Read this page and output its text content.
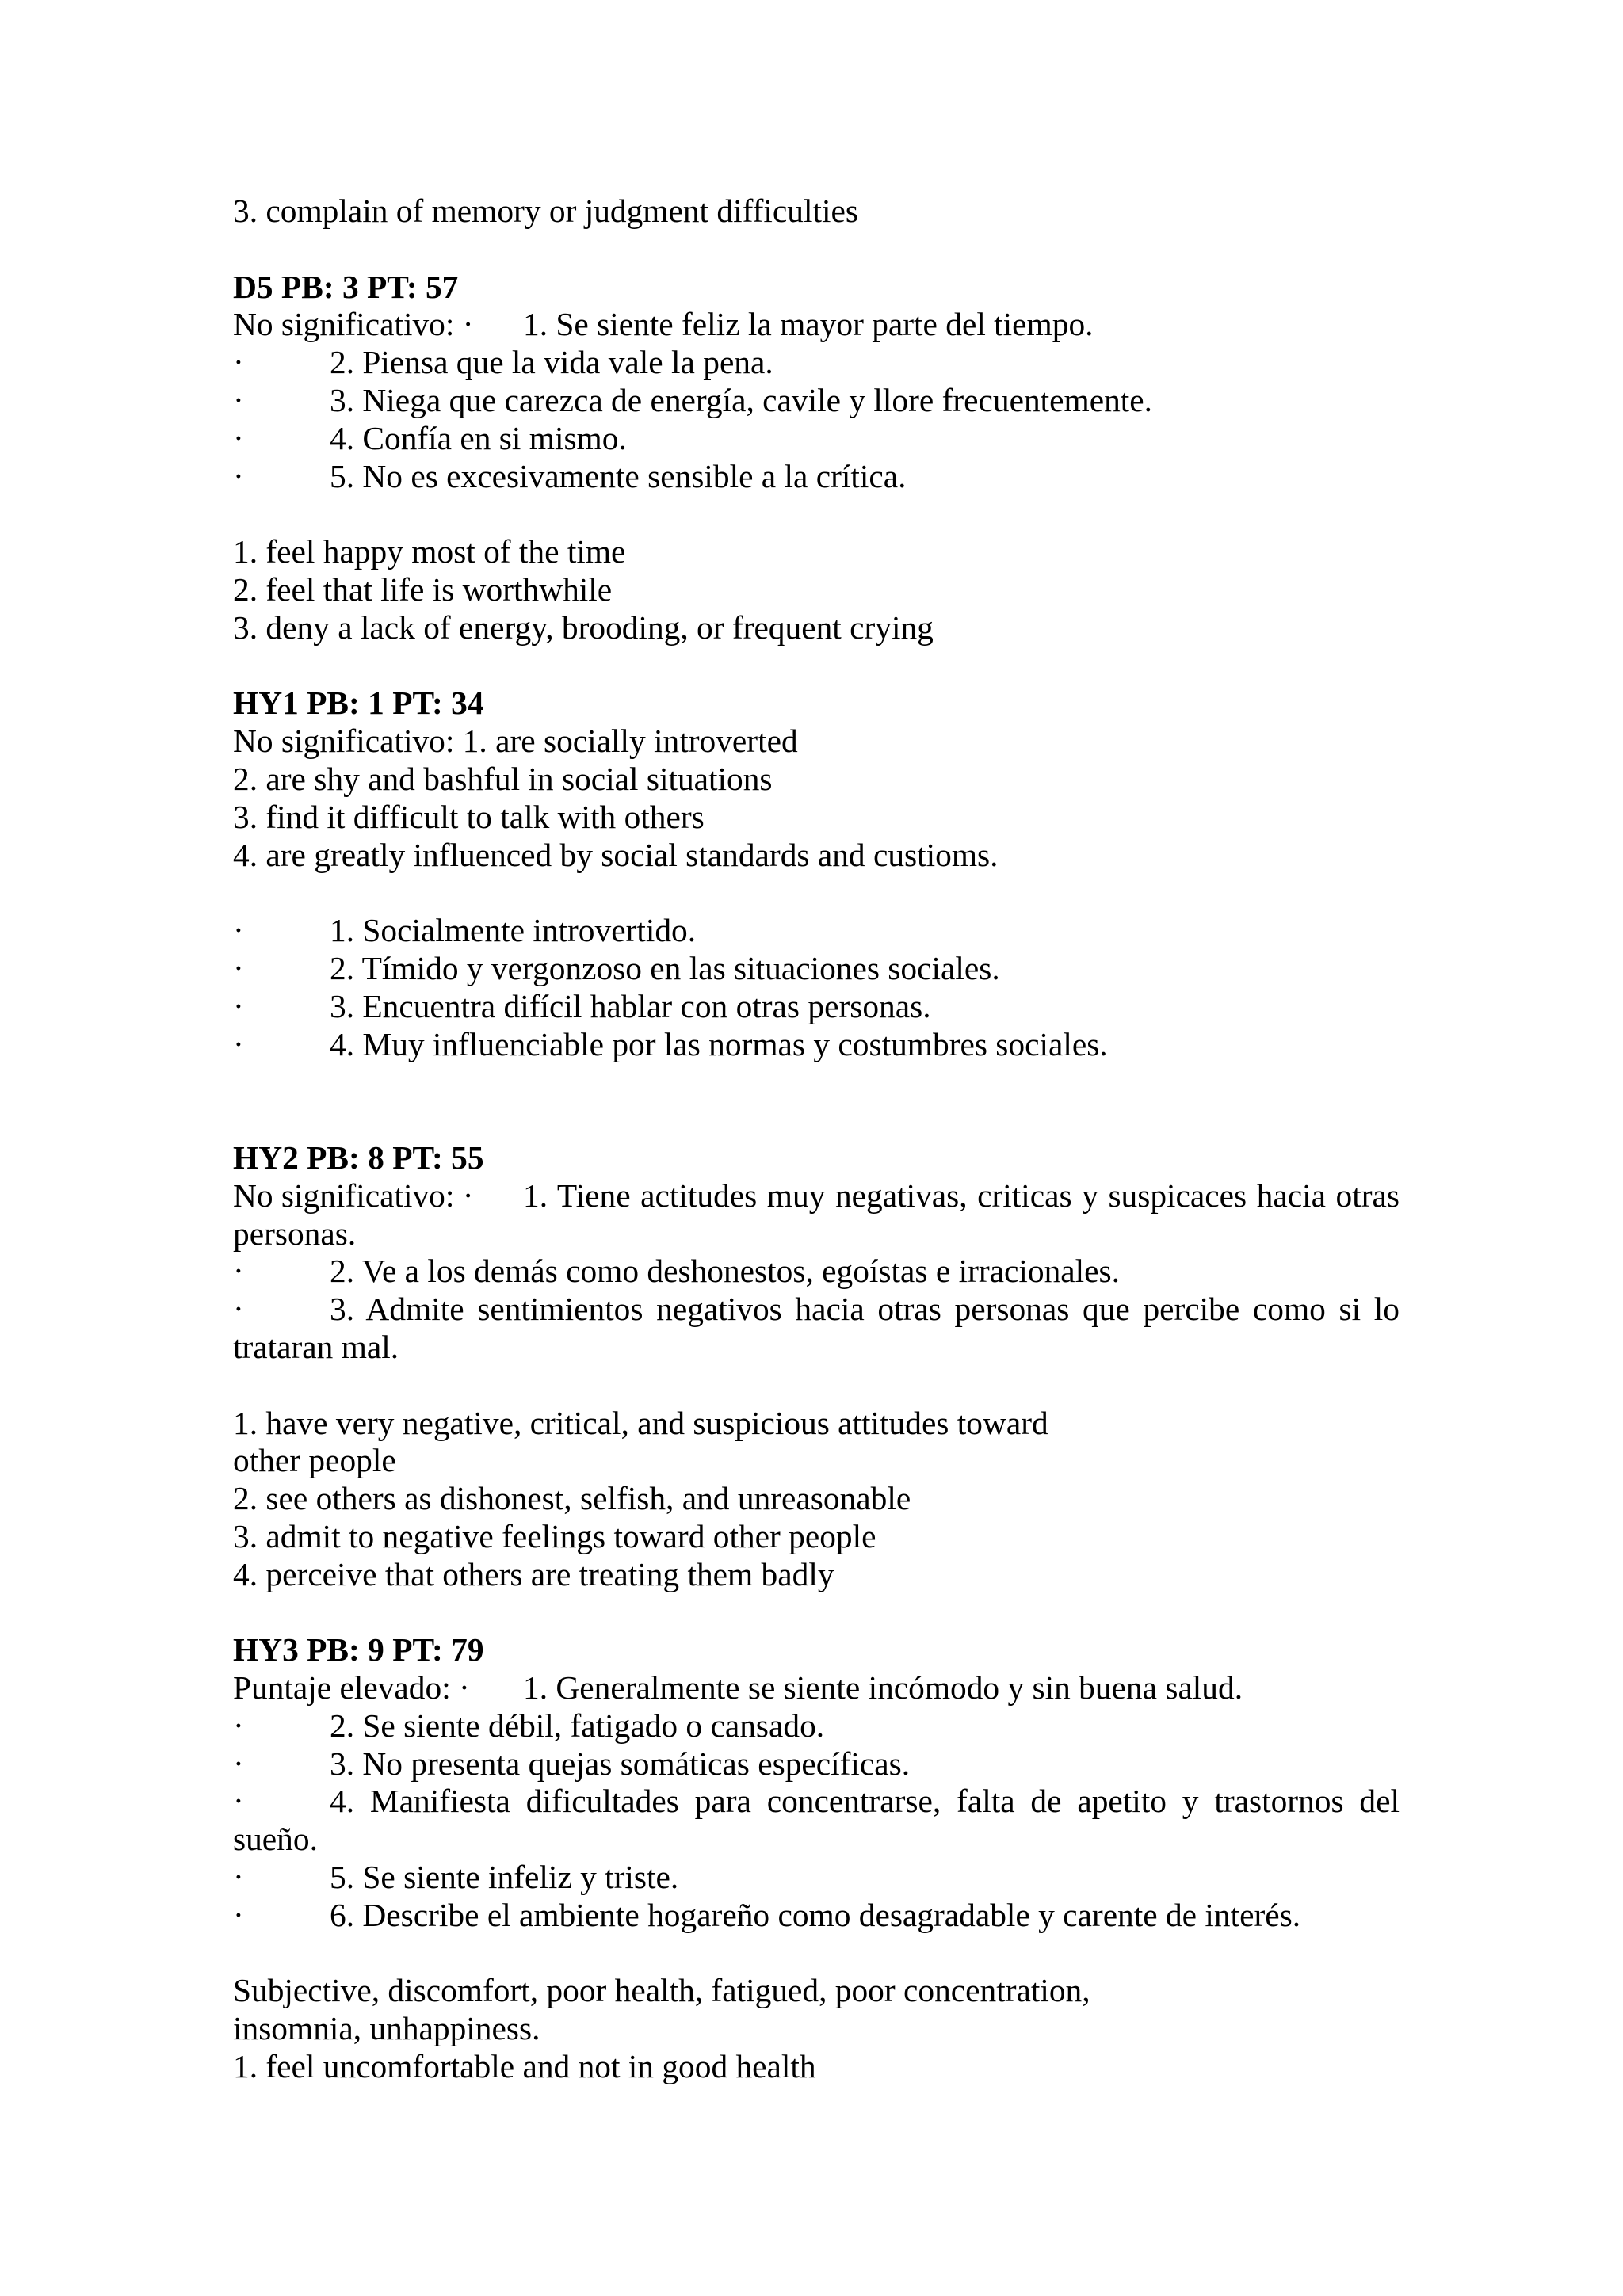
3. complain of memory or judgment difficulties
D5 PB: 3 PT: 57
No significativo: · 1. Se siente feliz la mayor parte del tiempo.
·	2. Piensa que la vida vale la pena.
·	3. Niega que carezca de energía, cavile y llore frecuentemente.
·	4. Confía en si mismo.
·	5. No es excesivamente sensible a la crítica.
1. feel happy most of the time
2. feel that life is worthwhile
3. deny a lack of energy, brooding, or frequent crying
HY1 PB: 1 PT: 34
No significativo: 1. are socially introverted
2. are shy and bashful in social situations
3. find it difficult to talk with others
4. are greatly influenced by social standards and custioms.
·	1. Socialmente introvertido.
·	2. Tímido y vergonzoso en las situaciones sociales.
·	3. Encuentra difícil hablar con otras personas.
·	4. Muy influenciable por las normas y costumbres sociales.
HY2 PB: 8 PT: 55
No significativo: · 1. Tiene actitudes muy negativas, criticas y suspicaces hacia otras
personas.
·	2. Ve a los demás como deshonestos, egoístas e irracionales.
·	3. Admite sentimientos negativos hacia otras personas que percibe como si lo
trataran mal.
1. have very negative, critical, and suspicious attitudes toward
other people
2. see others as dishonest, selfish, and unreasonable
3. admit to negative feelings toward other people
4. perceive that others are treating them badly
HY3 PB: 9 PT: 79
Puntaje elevado: · 1. Generalmente se siente incómodo y sin buena salud.
·	2. Se siente débil, fatigado o cansado.
·	3. No presenta quejas somáticas específicas.
·	4. Manifiesta dificultades para concentrarse, falta de apetito y trastornos del
sueño.
·	5. Se siente infeliz y triste.
·	6. Describe el ambiente hogareño como desagradable y carente de interés.
Subjective, discomfort, poor health, fatigued, poor concentration,
insomnia, unhappiness.
1. feel uncomfortable and not in good health
